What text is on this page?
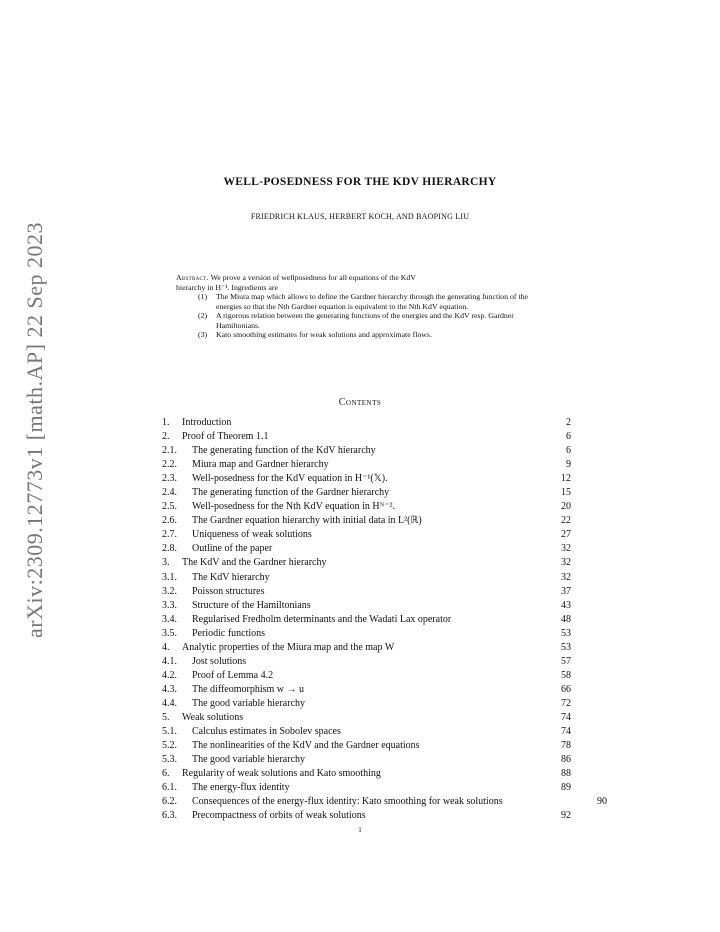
arXiv:2309.12773v1 [math.AP] 22 Sep 2023
WELL-POSEDNESS FOR THE KDV HIERARCHY
FRIEDRICH KLAUS, HERBERT KOCH, AND BAOPING LIU
Abstract. We prove a version of wellposedness for all equations of the KdV
hierarchy in H⁻¹. Ingredients are
(1) The Miura map which allows to define the Gardner hierarchy through the generating function of the energies so that the Nth Gardner equation is equivalent to the Nth KdV equation.
(2) A rigorous relation between the generating functions of the energies and the KdV resp. Gardner Hamiltonians.
(3) Kato smoothing estimates for weak solutions and approximate flows.
Contents
1. Introduction	2
2. Proof of Theorem 1.1	6
2.1. The generating function of the KdV hierarchy	6
2.2. Miura map and Gardner hierarchy	9
2.3. Well-posedness for the KdV equation in H⁻¹(𝕏).	12
2.4. The generating function of the Gardner hierarchy	15
2.5. Well-posedness for the Nth KdV equation in Hᴺ⁻².	20
2.6. The Gardner equation hierarchy with initial data in L²(ℝ)	22
2.7. Uniqueness of weak solutions	27
2.8. Outline of the paper	32
3. The KdV and the Gardner hierarchy	32
3.1. The KdV hierarchy	32
3.2. Poisson structures	37
3.3. Structure of the Hamiltonians	43
3.4. Regularised Fredholm determinants and the Wadati Lax operator	48
3.5. Periodic functions	53
4. Analytic properties of the Miura map and the map W	53
4.1. Jost solutions	57
4.2. Proof of Lemma 4.2	58
4.3. The diffeomorphism w → u	66
4.4. The good variable hierarchy	72
5. Weak solutions	74
5.1. Calculus estimates in Sobolev spaces	74
5.2. The nonlinearities of the KdV and the Gardner equations	78
5.3. The good variable hierarchy	86
6. Regularity of weak solutions and Kato smoothing	88
6.1. The energy-flux identity	89
6.2. Consequences of the energy-flux identity: Kato smoothing for weak solutions	90
6.3. Precompactness of orbits of weak solutions	92
1
